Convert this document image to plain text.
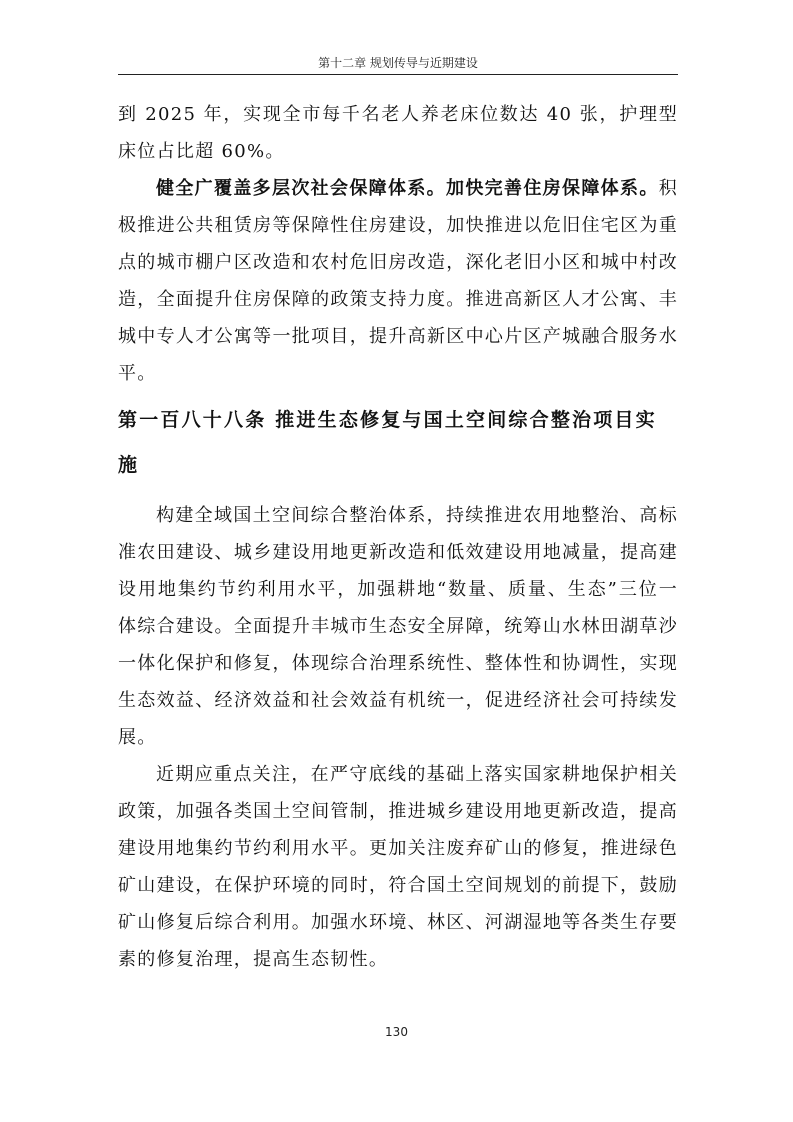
第十二章 规划传导与近期建设

到 2025 年，实现全市每千名老人养老床位数达 40 张，护理型床位占比超 60%。

健全广覆盖多层次社会保障体系。加快完善住房保障体系。积极推进公共租赁房等保障性住房建设，加快推进以危旧住宅区为重点的城市棚户区改造和农村危旧房改造，深化老旧小区和城中村改造，全面提升住房保障的政策支持力度。推进高新区人才公寓、丰城中专人才公寓等一批项目，提升高新区中心片区产城融合服务水平。

第一百八十八条 推进生态修复与国土空间综合整治项目实施

构建全域国土空间综合整治体系，持续推进农用地整治、高标准农田建设、城乡建设用地更新改造和低效建设用地减量，提高建设用地集约节约利用水平，加强耕地“数量、质量、生态”三位一体综合建设。全面提升丰城市生态安全屏障，统筹山水林田湖草沙一体化保护和修复，体现综合治理系统性、整体性和协调性，实现生态效益、经济效益和社会效益有机统一，促进经济社会可持续发展。

近期应重点关注，在严守底线的基础上落实国家耕地保护相关政策，加强各类国土空间管制，推进城乡建设用地更新改造，提高建设用地集约节约利用水平。更加关注废弃矿山的修复，推进绿色矿山建设，在保护环境的同时，符合国土空间规划的前提下，鼓励矿山修复后综合利用。加强水环境、林区、河湖湿地等各类生存要素的修复治理，提高生态韧性。

130
